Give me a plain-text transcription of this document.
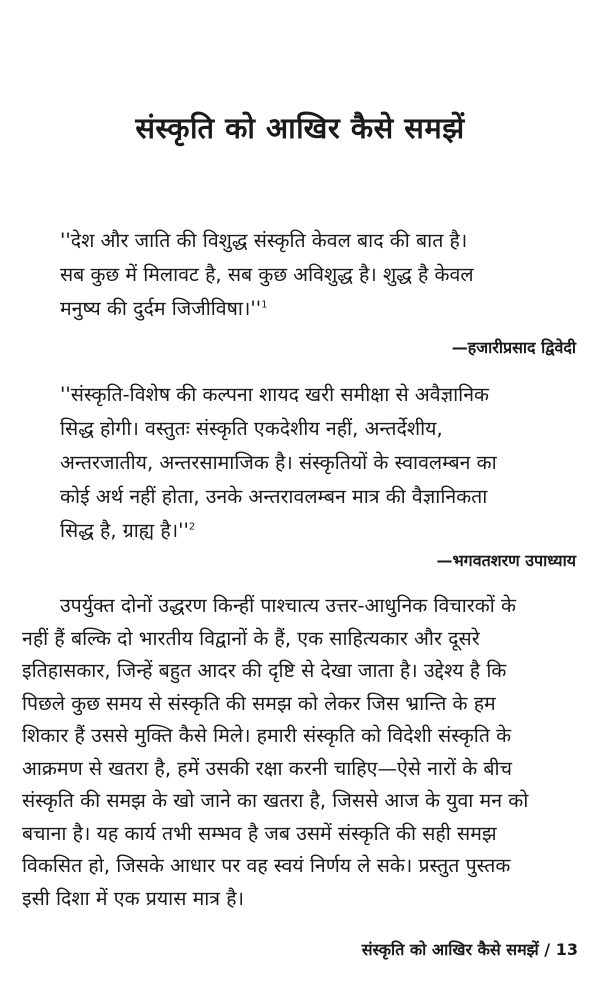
संस्कृति को आखिर कैसे समझें
''देश और जाति की विशुद्ध संस्कृति केवल बाद की बात है।
सब कुछ में मिलावट है, सब कुछ अविशुद्ध है। शुद्ध है केवल
मनुष्य की दुर्दम $जिजीविषा।''^1$
—हजारीप्रसाद द्विवेदी
''संस्कृति-विशेष की कल्पना शायद खरी समीक्षा से अवैज्ञानिक
सिद्ध होगी। वस्तुतः संस्कृति एकदेशीय नहीं, अन्तर्देशीय,
अन्तरजातीय, अन्तरसामाजिक है। संस्कृतियों के स्वावलम्बन का
कोई अर्थ नहीं होता, उनके अन्तरावलम्बन मात्र की वैज्ञानिकता
सिद्ध है, ग्राह्य $है।''^2$
—भगवतशरण उपाध्याय
उपर्युक्त दोनों उद्धरण किन्हीं पाश्चात्य उत्तर-आधुनिक विचारकों के
नहीं हैं बल्कि दो भारतीय विद्वानों के हैं, एक साहित्यकार और दूसरे
इतिहासकार, जिन्हें बहुत आदर की दृष्टि से देखा जाता है। उद्देश्य है कि
पिछले कुछ समय से संस्कृति की समझ को लेकर जिस भ्रान्ति के हम
शिकार हैं उससे मुक्ति कैसे मिले। हमारी संस्कृति को विदेशी संस्कृति के
आक्रमण से खतरा है, हमें उसकी रक्षा करनी चाहिए—ऐसे नारों के बीच
संस्कृति की समझ के खो जाने का खतरा है, जिससे आज के युवा मन को
बचाना है। यह कार्य तभी सम्भव है जब उसमें संस्कृति की सही समझ
विकसित हो, जिसके आधार पर वह स्वयं निर्णय ले सके। प्रस्तुत पुस्तक
इसी दिशा में एक प्रयास मात्र है।
संस्कृति को आखिर कैसे समझें / 13
